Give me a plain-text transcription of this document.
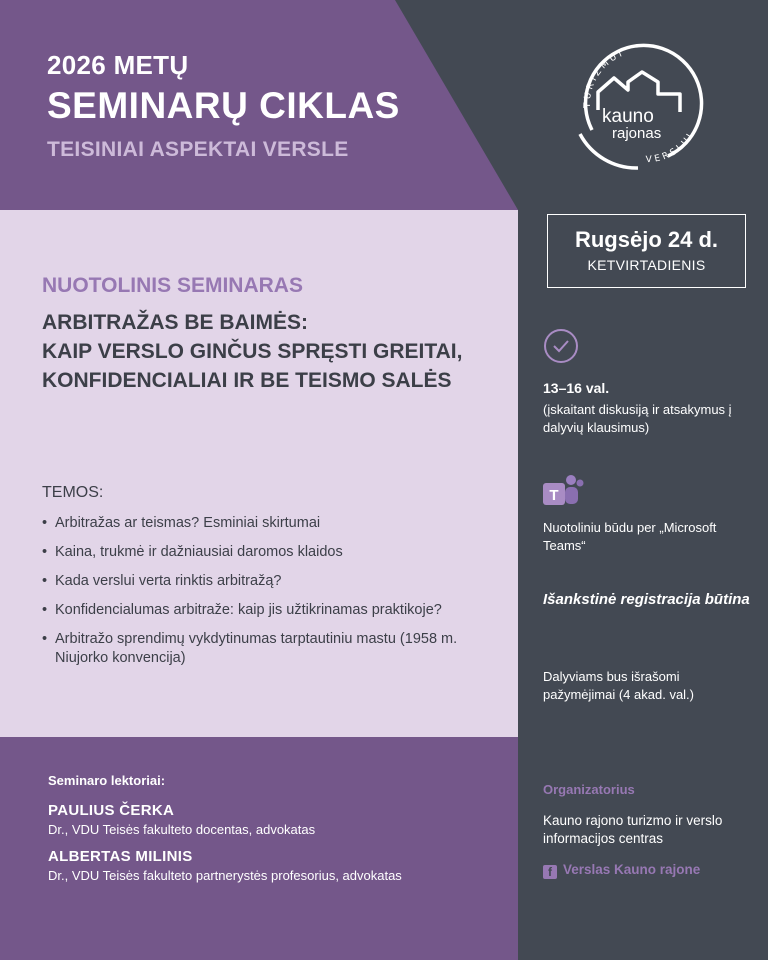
2026 METŲ
SEMINARŲ CIKLAS
TEISINIAI ASPEKTAI VERSLE
TURIZMUI
VERSLUI
kauno
rajonas
NUOTOLINIS SEMINARAS
ARBITRAŽAS BE BAIMĖS:
KAIP VERSLO GINČUS SPRĘSTI GREITAI,
KONFIDENCIALIAI IR BE TEISMO SALĖS
TEMOS:
• Arbitražas ar teismas? Esminiai skirtumai
• Kaina, trukmė ir dažniausiai daromos klaidos
• Kada verslui verta rinktis arbitražą?
• Konfidencialumas arbitraže: kaip jis užtikrinamas praktikoje?
• Arbitražo sprendimų vykdytinumas tarptautiniu mastu (1958 m. Niujorko konvencija)
Seminaro lektoriai:
PAULIUS ČERKA
Dr., VDU Teisės fakulteto docentas, advokatas
ALBERTAS MILINIS
Dr., VDU Teisės fakulteto partnerystės profesorius, advokatas
Rugsėjo 24 d.
KETVIRTADIENIS
13–16 val.
(įskaitant diskusiją ir atsakymus į dalyvių klausimus)
T
Nuotoliniu būdu per „Microsoft Teams“
Išankstinė registracija būtina
Dalyviams bus išrašomi pažymėjimai (4 akad. val.)
Organizatorius
Kauno rajono turizmo ir verslo informacijos centras
f Verslas Kauno rajone
